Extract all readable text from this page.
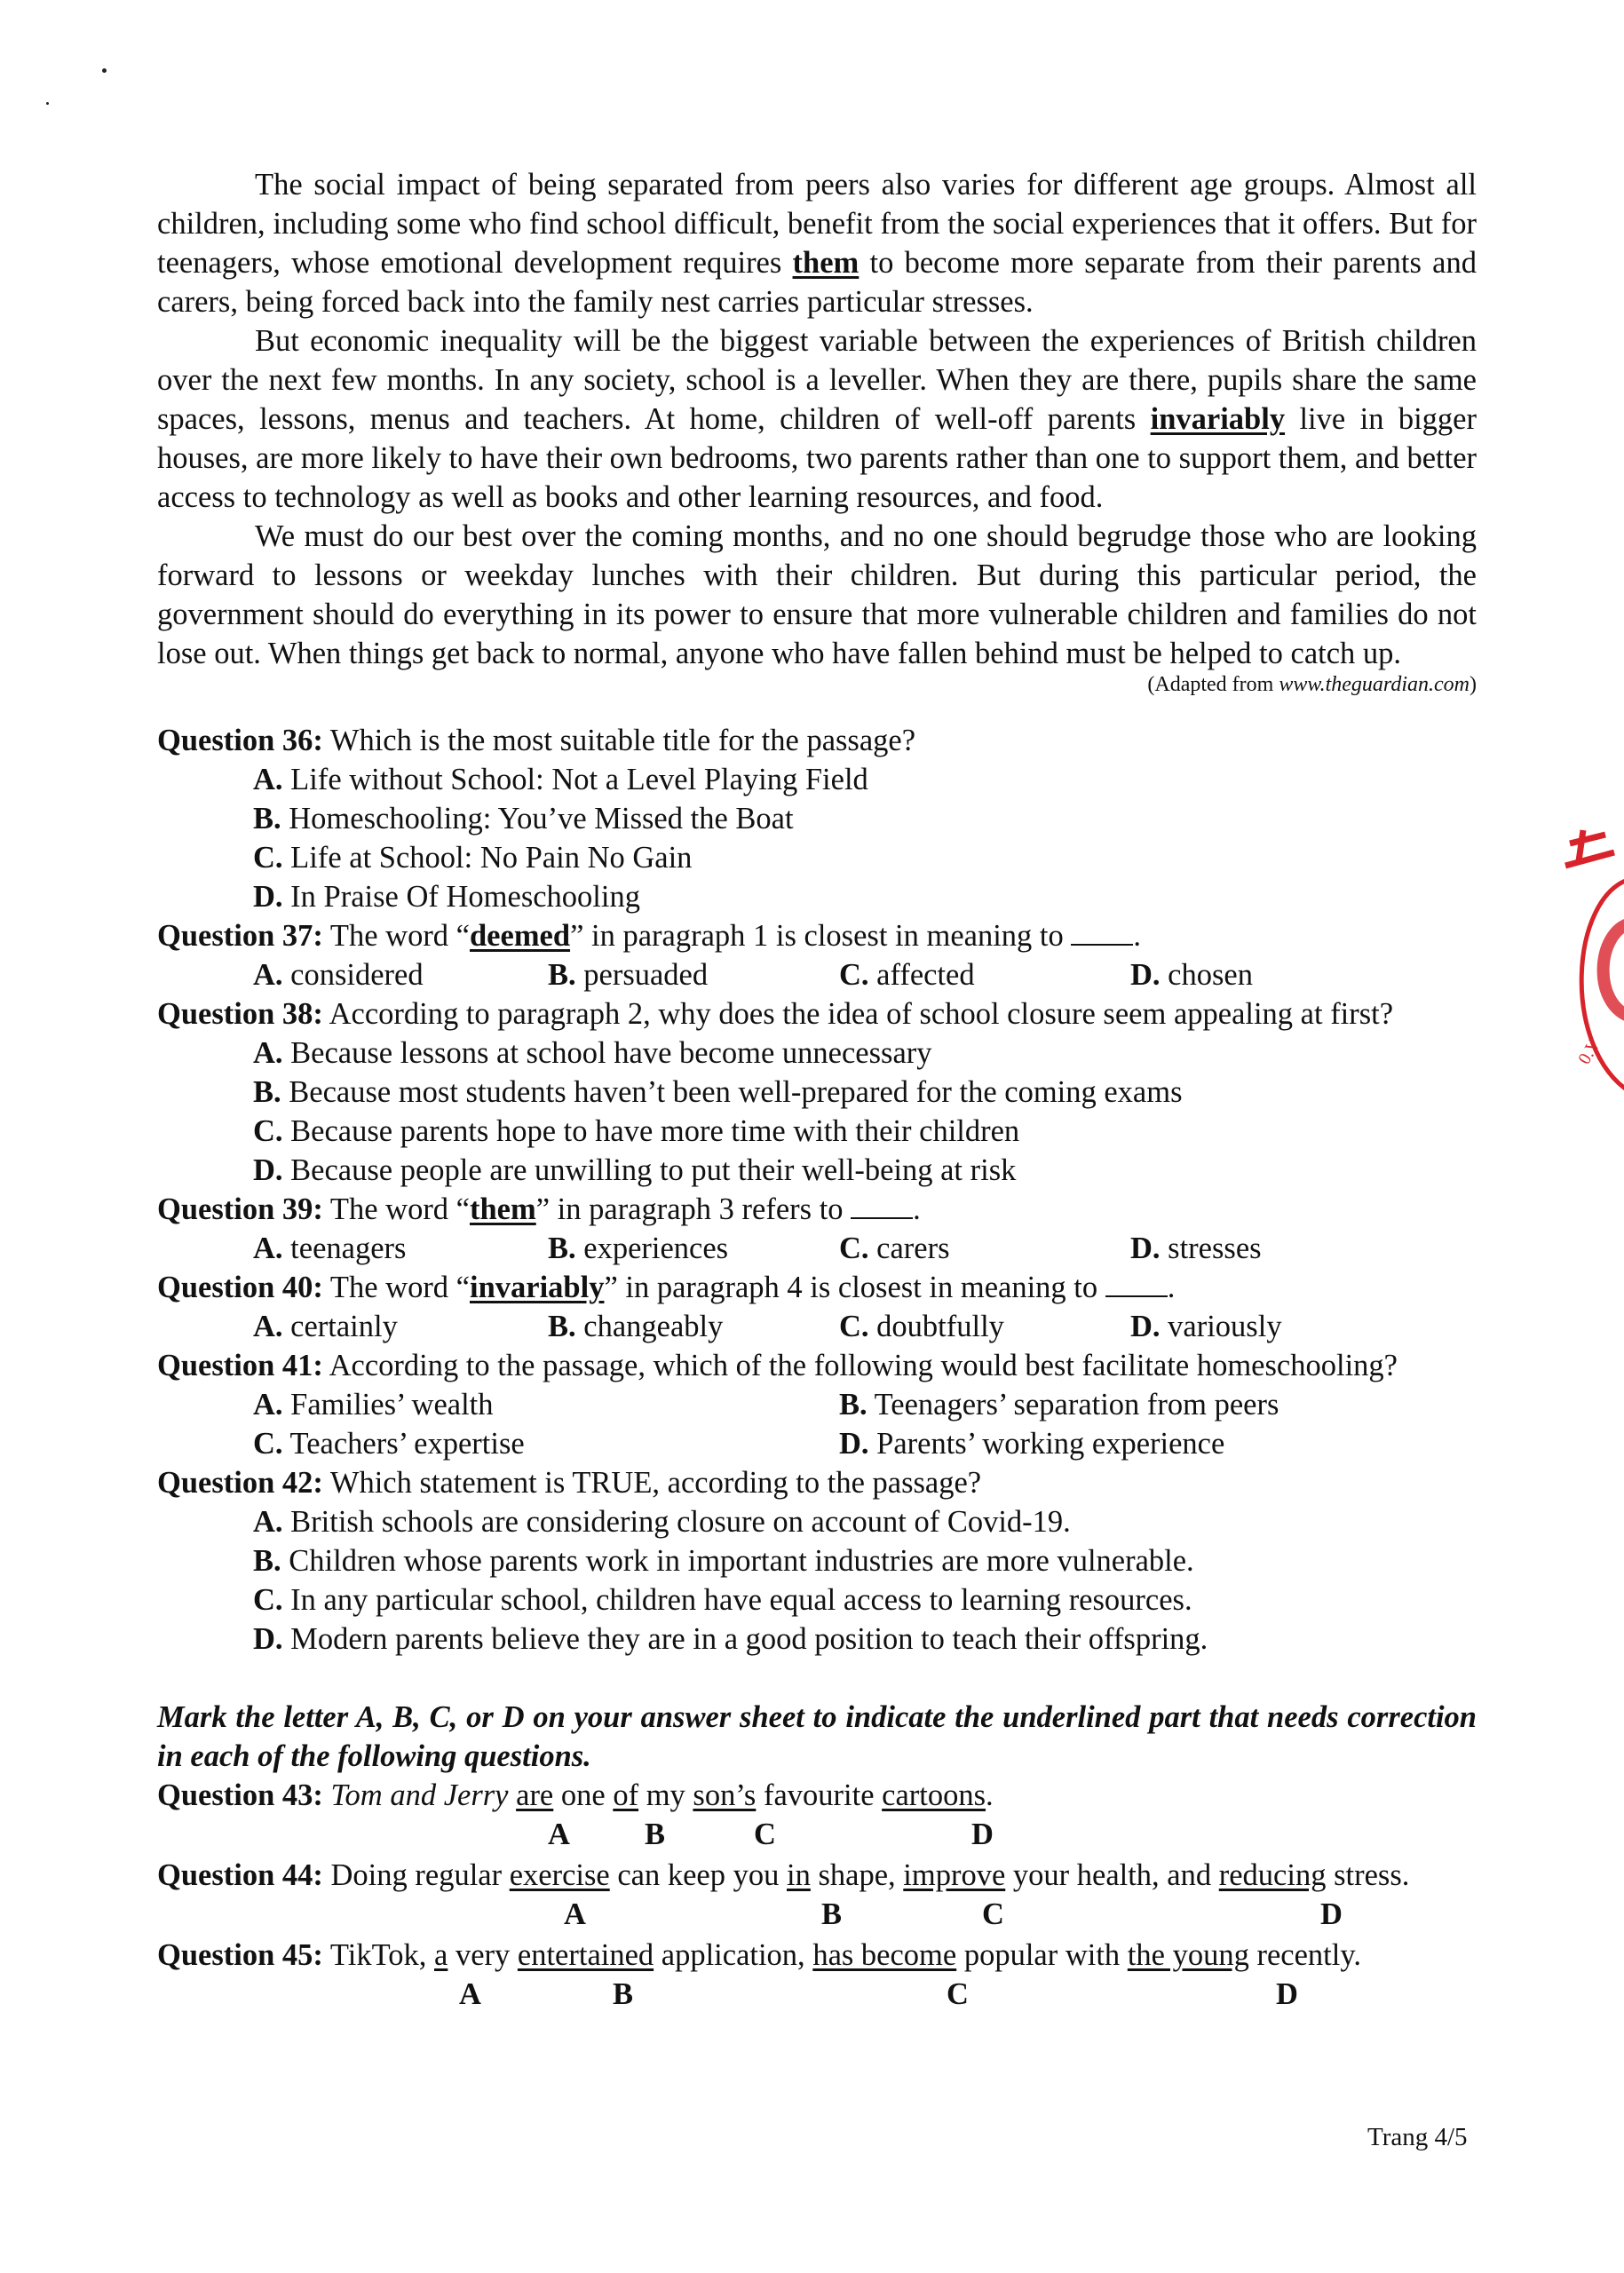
The social impact of being separated from peers also varies for different age groups. Almost all children, including some who find school difficult, benefit from the social experiences that it offers. But for teenagers, whose emotional development requires them to become more separate from their parents and carers, being forced back into the family nest carries particular stresses.

But economic inequality will be the biggest variable between the experiences of British children over the next few months. In any society, school is a leveller. When they are there, pupils share the same spaces, lessons, menus and teachers. At home, children of well-off parents invariably live in bigger houses, are more likely to have their own bedrooms, two parents rather than one to support them, and better access to technology as well as books and other learning resources, and food.

We must do our best over the coming months, and no one should begrudge those who are looking forward to lessons or weekday lunches with their children. But during this particular period, the government should do everything in its power to ensure that more vulnerable children and families do not lose out. When things get back to normal, anyone who have fallen behind must be helped to catch up.

(Adapted from www.theguardian.com)

Question 36: Which is the most suitable title for the passage?

A. Life without School: Not a Level Playing Field

B. Homeschooling: You’ve Missed the Boat

C. Life at School: No Pain No Gain

D. In Praise Of Homeschooling

Question 37: The word “deemed” in paragraph 1 is closest in meaning to .

A. considered	B. persuaded	C. affected	D. chosen

Question 38: According to paragraph 2, why does the idea of school closure seem appealing at first?

A. Because lessons at school have become unnecessary

B. Because most students haven’t been well-prepared for the coming exams

C. Because parents hope to have more time with their children

D. Because people are unwilling to put their well-being at risk

Question 39: The word “them” in paragraph 3 refers to .

A. teenagers	B. experiences	C. carers	D. stresses

Question 40: The word “invariably” in paragraph 4 is closest in meaning to .

A. certainly	B. changeably	C. doubtfully	D. variously

Question 41: According to the passage, which of the following would best facilitate homeschooling?

A. Families’ wealth	B. Teenagers’ separation from peers
C. Teachers’ expertise	D. Parents’ working experience

Question 42: Which statement is TRUE, according to the passage?

A. British schools are considering closure on account of Covid-19.

B. Children whose parents work in important industries are more vulnerable.

C. In any particular school, children have equal access to learning resources.

D. Modern parents believe they are in a good position to teach their offspring.

Mark the letter A, B, C, or D on your answer sheet to indicate the underlined part that needs correction in each of the following questions.

Question 43: Tom and Jerry are one of my son’s favourite cartoons.

A B	C	D

Question 44: Doing regular exercise can keep you in shape, improve your health, and reducing stress.

A	B	C	D

Question 45: TikTok, a very entertained application, has become popular with the young recently.

A	B	C	D
Trang 4/5
0.V
